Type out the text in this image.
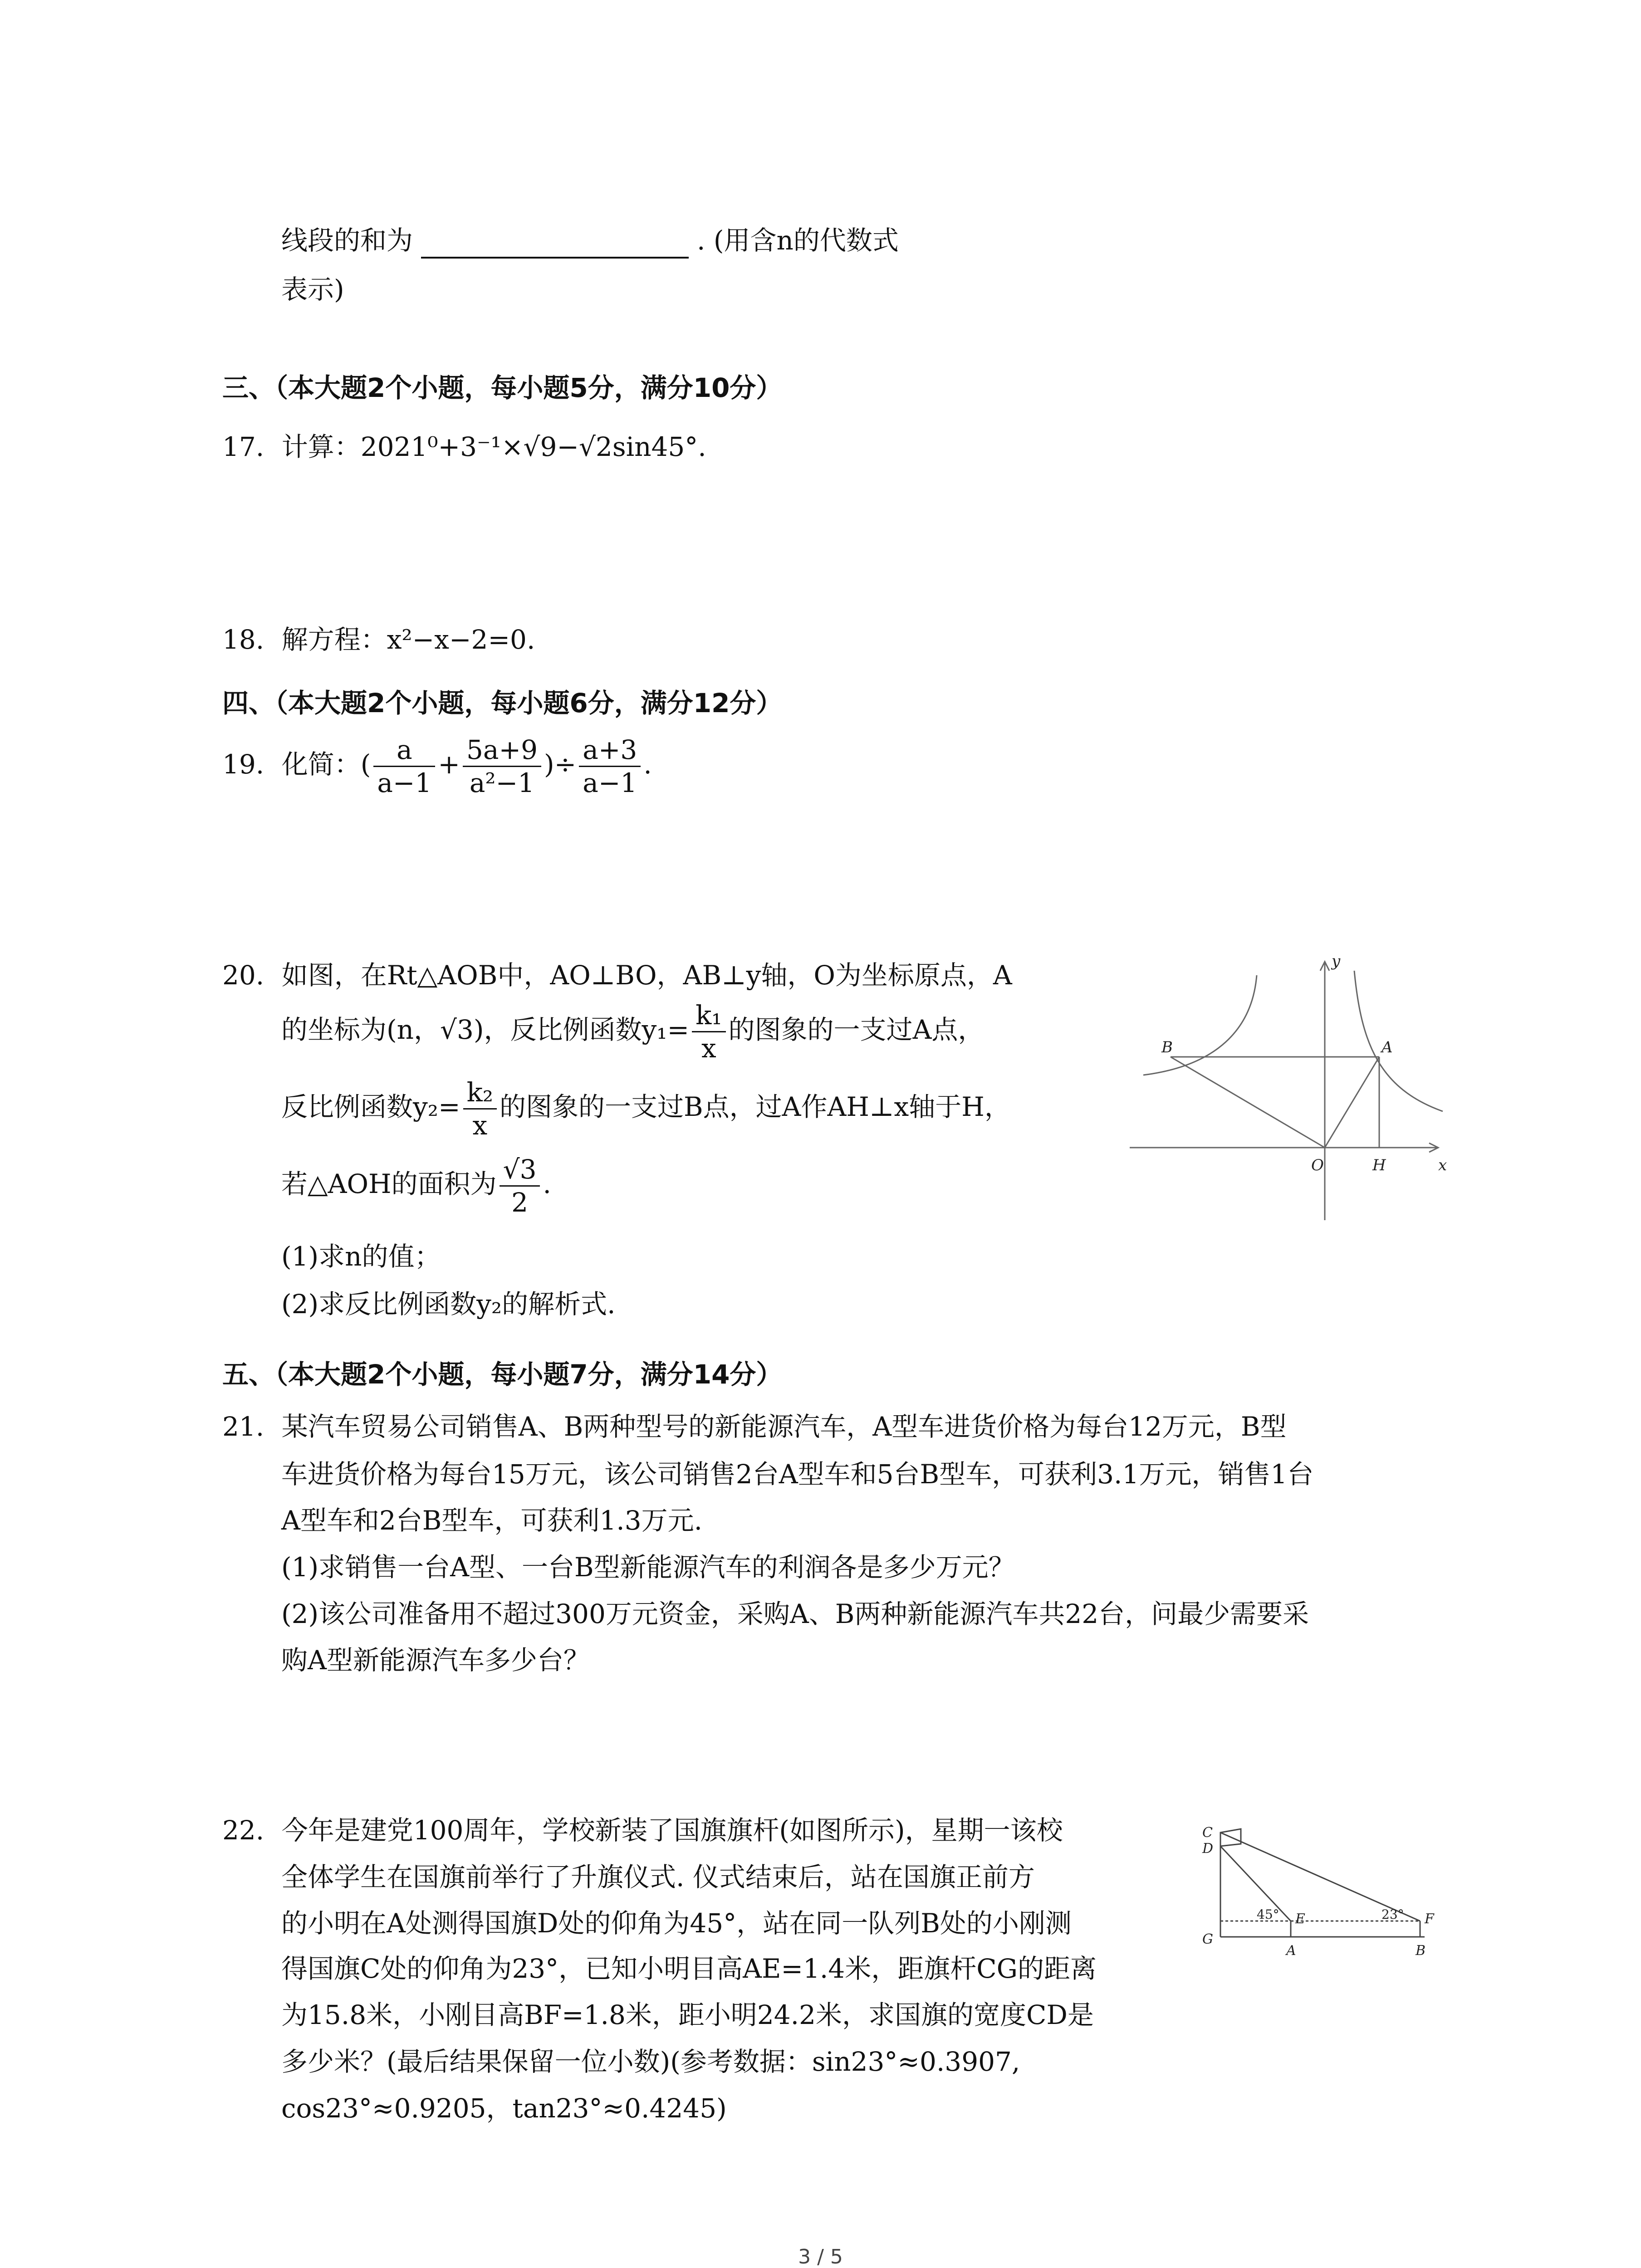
线段的和为	. (用含n的代数式
表示)
三、（本大题2个小题，每小题5分，满分10分）
17. 计算：2021⁰+3⁻¹×√9−√2sin45°.
18. 解方程：x²−x−2=0.
四、（本大题2个小题，每小题6分，满分12分）
19. 化简：( $\frac{a}{a-1} + \frac{5a+9}{\text{a²−1}}$ )÷ $\frac{a+3}{a-1}$ .
20. 如图，在Rt△AOB中，AO⊥BO，AB⊥y轴，O为坐标原点，A
的坐标为(n，√3)，反比例函数$y_1= \frac{\text{k₁}}{x}$ 的图象的一支过A点，
反比例函数$y_2= \frac{\text{k₂}}{x}$ 的图象的一支过B点，过A作AH⊥x轴于H，
若△AOH的面积为 $\frac{√3}{2}$ .
(1)求n的值；
(2)求反比例函数y₂的解析式.
y
x
B	A
O	H
五、（本大题2个小题，每小题7分，满分14分）
21. 某汽车贸易公司销售A、B两种型号的新能源汽车，A型车进货价格为每台12万元，B型
车进货价格为每台15万元，该公司销售2台A型车和5台B型车，可获利3.1万元，销售1台
A型车和2台B型车，可获利1.3万元.
(1)求销售一台A型、一台B型新能源汽车的利润各是多少万元？
(2)该公司准备用不超过300万元资金，采购A、B两种新能源汽车共22台，问最少需要采
购A型新能源汽车多少台？
22. 今年是建党100周年，学校新装了国旗旗杆(如图所示)，星期一该校
全体学生在国旗前举行了升旗仪式. 仪式结束后，站在国旗正前方
的小明在A处测得国旗D处的仰角为45°，站在同一队列B处的小刚测
得国旗C处的仰角为23°，已知小明目高AE=1.4米，距旗杆CG的距离
为15.8米，小刚目高BF=1.8米，距小明24.2米，求国旗的宽度CD是
多少米？(最后结果保留一位小数)(参考数据：sin23°≈0.3907,
cos23°≈0.9205，tan23°≈0.4245)
C
D
G
E
A
F
B
45°	23°
3 / 5
